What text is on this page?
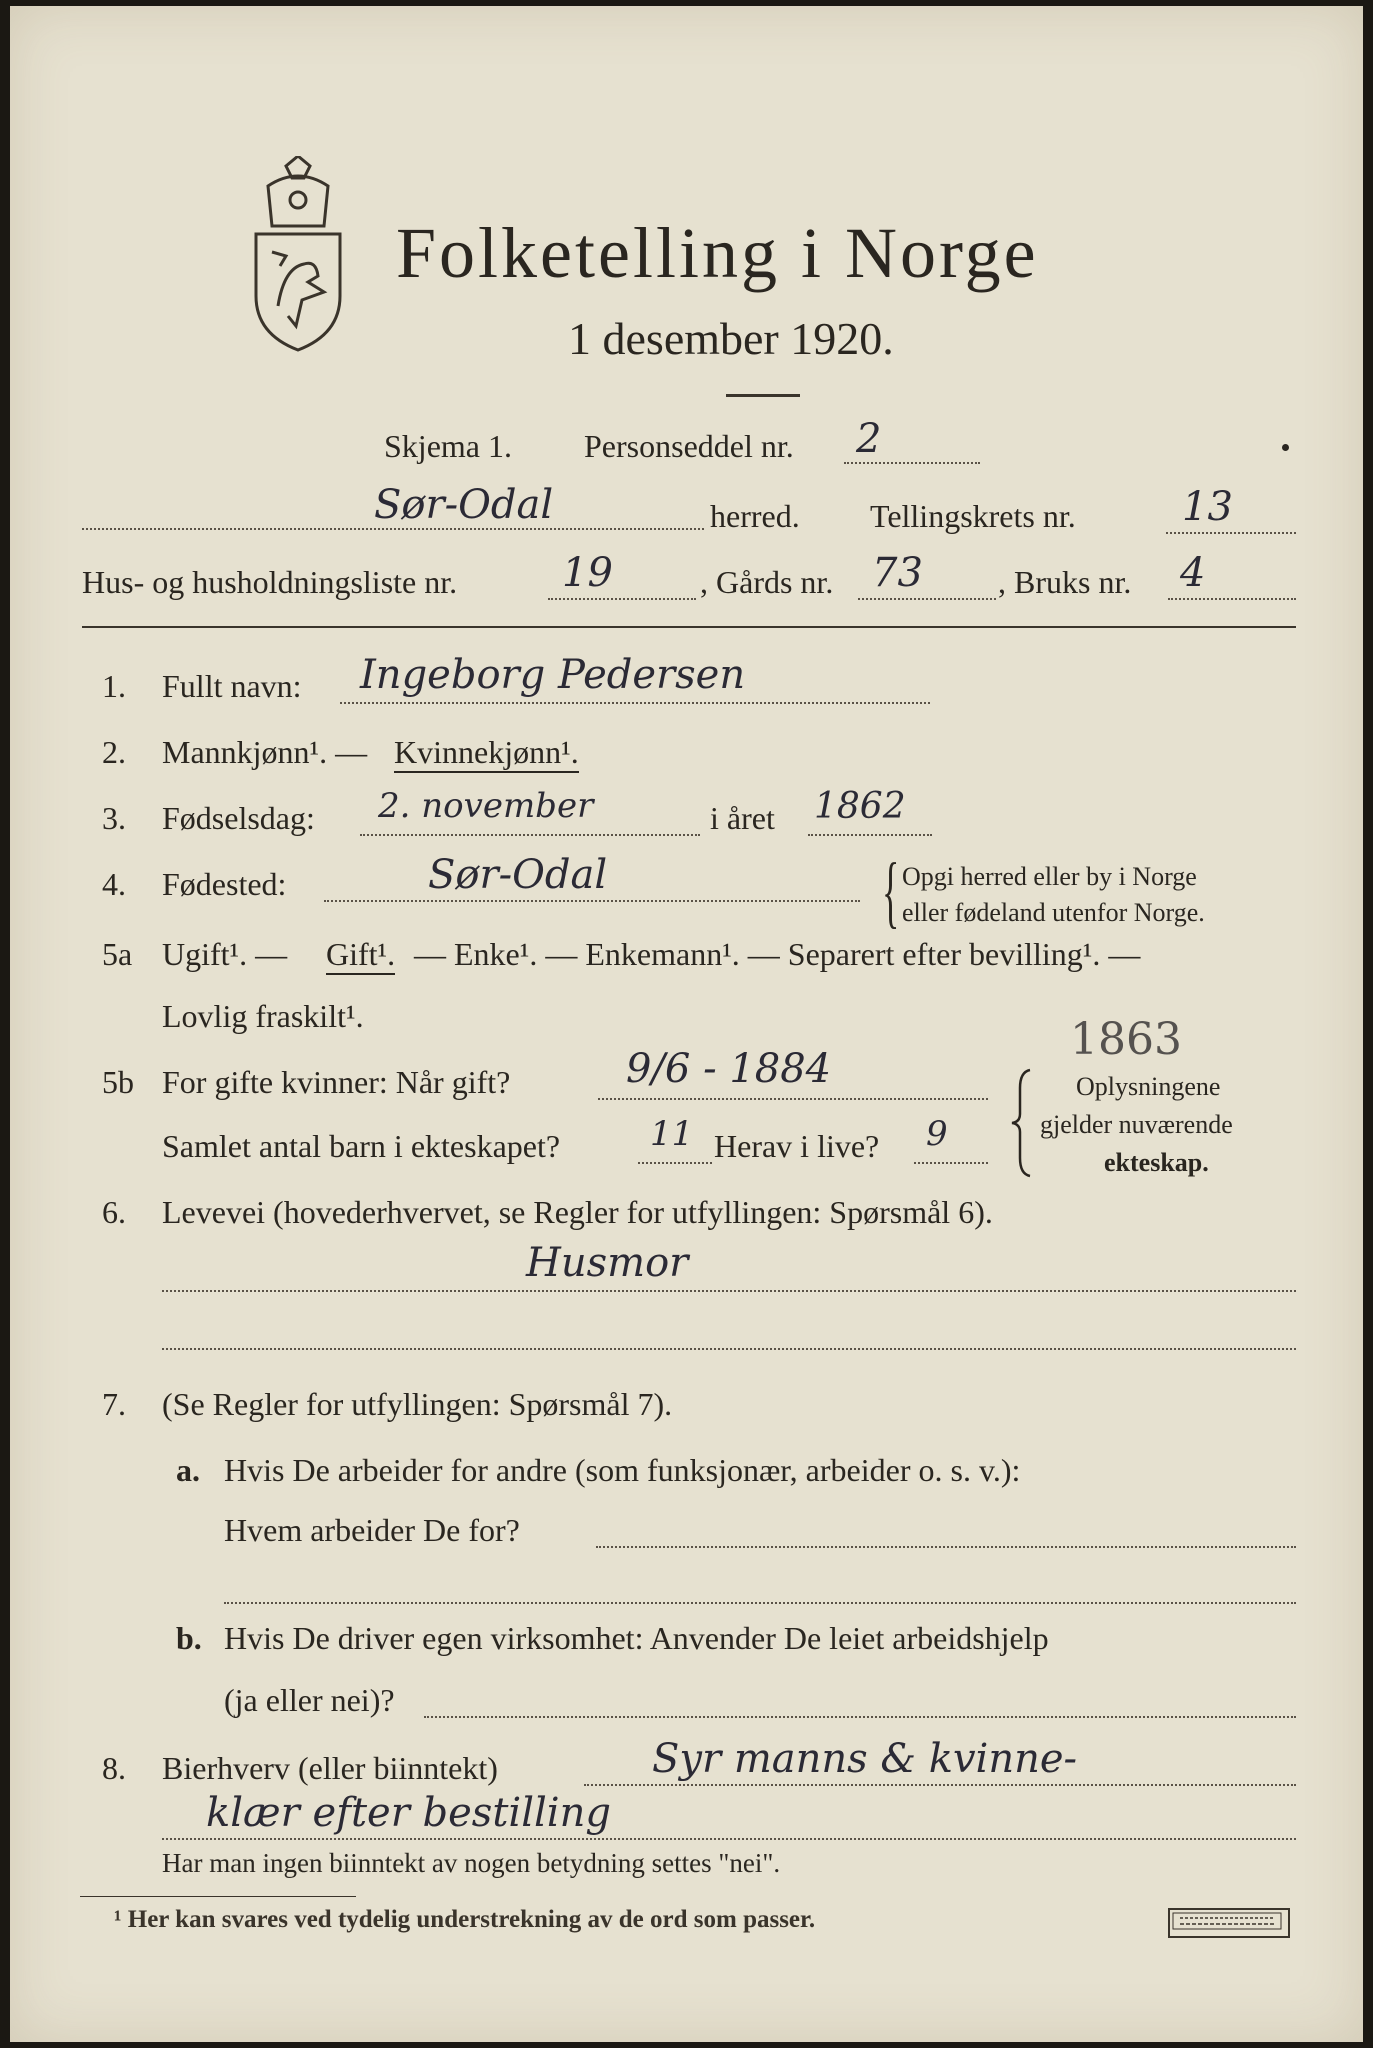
Folketelling i Norge
1 desember 1920.
Skjema 1. Personseddel nr. 2
Sør-Odal	herred. Tellingskrets nr.	13
Hus- og husholdningsliste nr.	19	, Gårds nr. 73 , Bruks nr. 4
1. Fullt navn: Ingeborg Pedersen
2. Mannkjønn¹. — Kvinnekjønn¹.
3. Fødselsdag: 2. november	i året 1862
4. Fødested:	Sør-Odal	{ Opgi herred eller by i Norge
eller fødeland utenfor Norge.
5a Ugift¹. — Gift¹. — Enke¹. — Enkemann¹. — Separert efter bevilling¹. —
Lovlig fraskilt¹.	1863
5b For gifte kvinner: Når gift?	9/6 - 1884
Samlet antal barn i ekteskapet?	11 Herav i live? 9
Oplysningene
gjelder nuværende
ekteskap.
6. Levevei (hovederhvervet, se Regler for utfyllingen: Spørsmål 6).
Husmor
7. (Se Regler for utfyllingen: Spørsmål 7).
a. Hvis De arbeider for andre (som funksjonær, arbeider o. s. v.):
Hvem arbeider De for?
b. Hvis De driver egen virksomhet: Anvender De leiet arbeidshjelp
(ja eller nei)?
8. Bierhverv (eller biinntekt)	Syr manns & kvinne-
klær efter bestilling
Har man ingen biinntekt av nogen betydning settes "nei".
¹ Her kan svares ved tydelig understrekning av de ord som passer.
